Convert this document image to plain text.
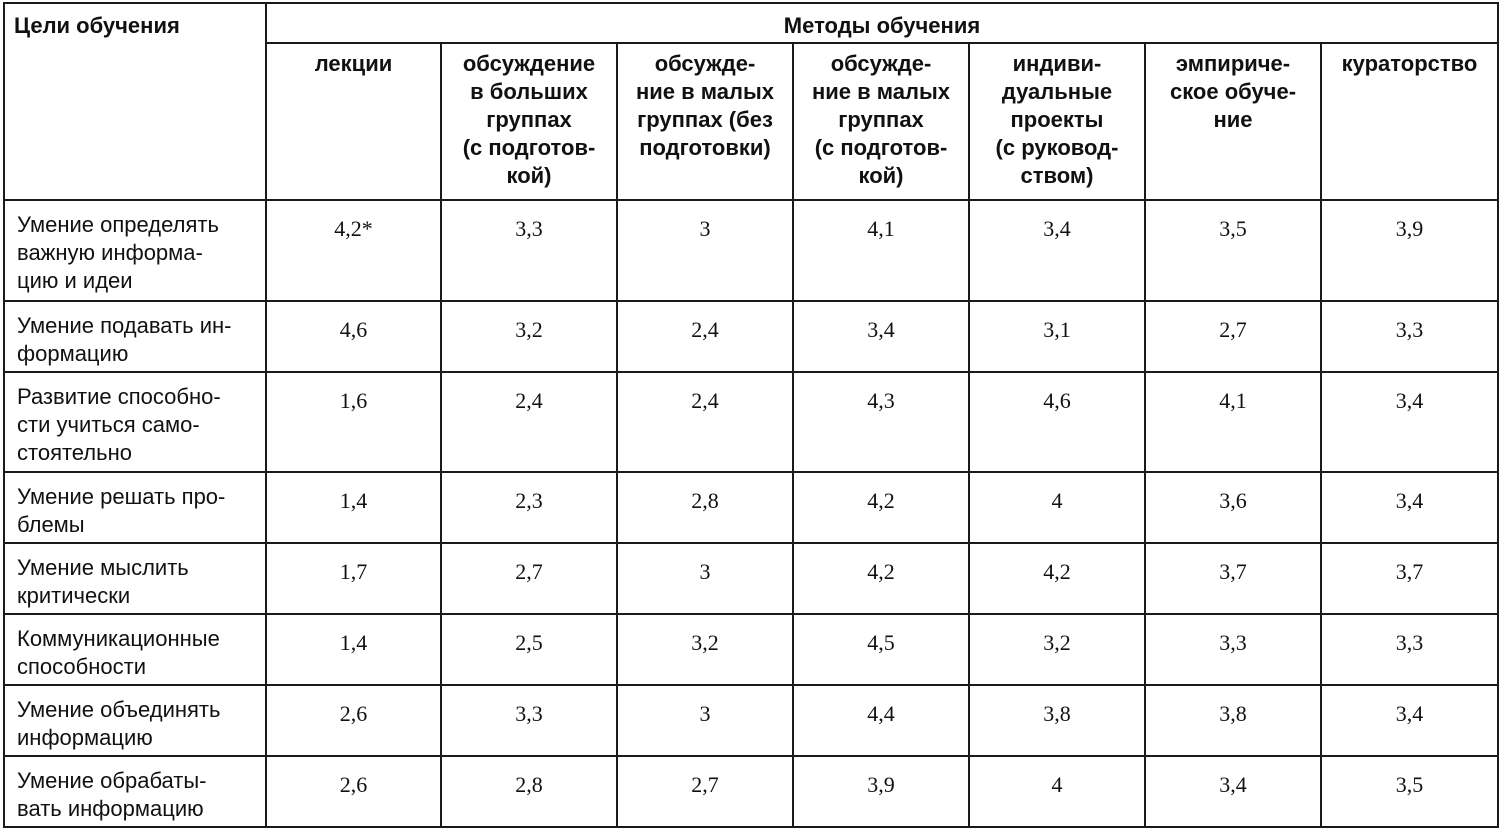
Цели обучения	Методы обучения						

	лекции	обсуждение
в больших
группах
(с подготов-
кой)	обсужде-
ние в малых
группах (без
подготовки)	обсужде-
ние в малых
группах
(с подготов-
кой)	индиви-
дуальные
проекты
(с руковод-
ством)	эмпириче-
ское обуче-
ние	кураторство

Умение определять
важную информа-
цию и идеи	4,2*	3,3	3	4,1	3,4	3,5	3,9
Умение подавать ин-
формацию	4,6	3,2	2,4	3,4	3,1	2,7	3,3
Развитие способно-
сти учиться само-
стоятельно	1,6	2,4	2,4	4,3	4,6	4,1	3,4
Умение решать про-
блемы	1,4	2,3	2,8	4,2	4	3,6	3,4
Умение мыслить
критически	1,7	2,7	3	4,2	4,2	3,7	3,7
Коммуникационные
способности	1,4	2,5	3,2	4,5	3,2	3,3	3,3
Умение объединять
информацию	2,6	3,3	3	4,4	3,8	3,8	3,4
Умение обрабаты-
вать информацию	2,6	2,8	2,7	3,9	4	3,4	3,5
